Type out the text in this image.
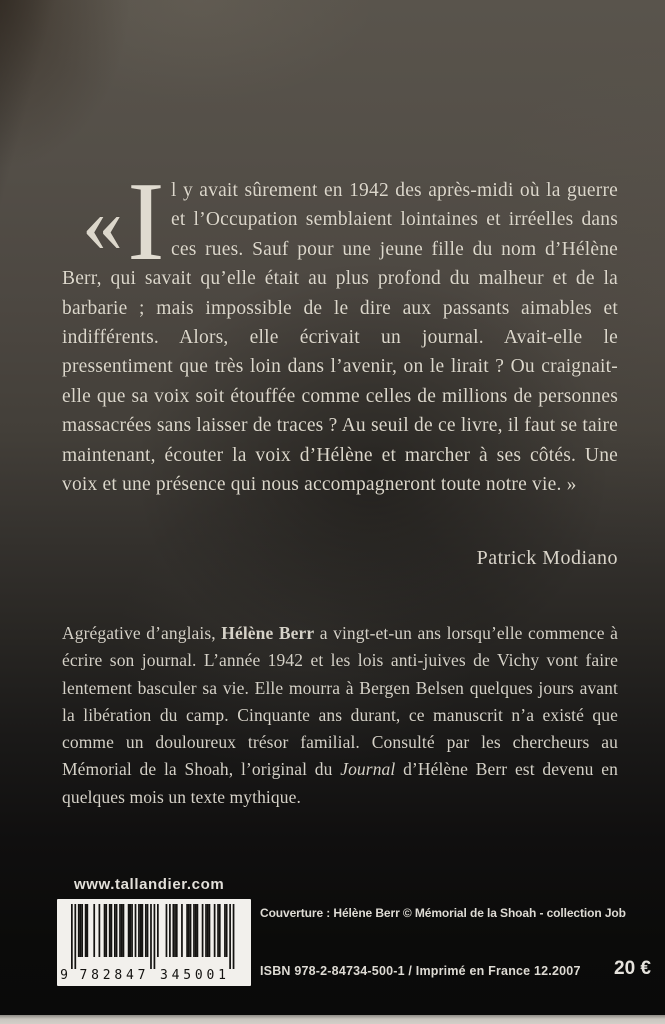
« I l y avait sûrement en 1942 des après-midi où la guerre et l’Occupation semblaient lointaines et irréelles dans ces rues. Sauf pour une jeune fille du nom d’Hélène Berr, qui savait qu’elle était au plus profond du malheur et de la barbarie ; mais impossible de le dire aux passants aimables et indifférents. Alors, elle écrivait un journal. Avait-elle le pressentiment que très loin dans l’avenir, on le lirait ? Ou craignait-elle que sa voix soit étouffée comme celles de millions de personnes massacrées sans laisser de traces ? Au seuil de ce livre, il faut se taire maintenant, écouter la voix d’Hélène et marcher à ses côtés. Une voix et une présence qui nous accompagneront toute notre vie. »
Patrick Modiano

Agrégative d’anglais, Hélène Berr a vingt-et-un ans lorsqu’elle commence à écrire son journal. L’année 1942 et les lois anti-juives de Vichy vont faire lentement basculer sa vie. Elle mourra à Bergen Belsen quelques jours avant la libération du camp. Cinquante ans durant, ce manuscrit n’a existé que comme un douloureux trésor familial. Consulté par les chercheurs au Mémorial de la Shoah, l’original du Journal d’Hélène Berr est devenu en quelques mois un texte mythique.

www.tallandier.com
9 782847 345001
Couverture : Hélène Berr © Mémorial de la Shoah - collection Job
ISBN 978-2-84734-500-1 / Imprimé en France 12.2007 20 €
